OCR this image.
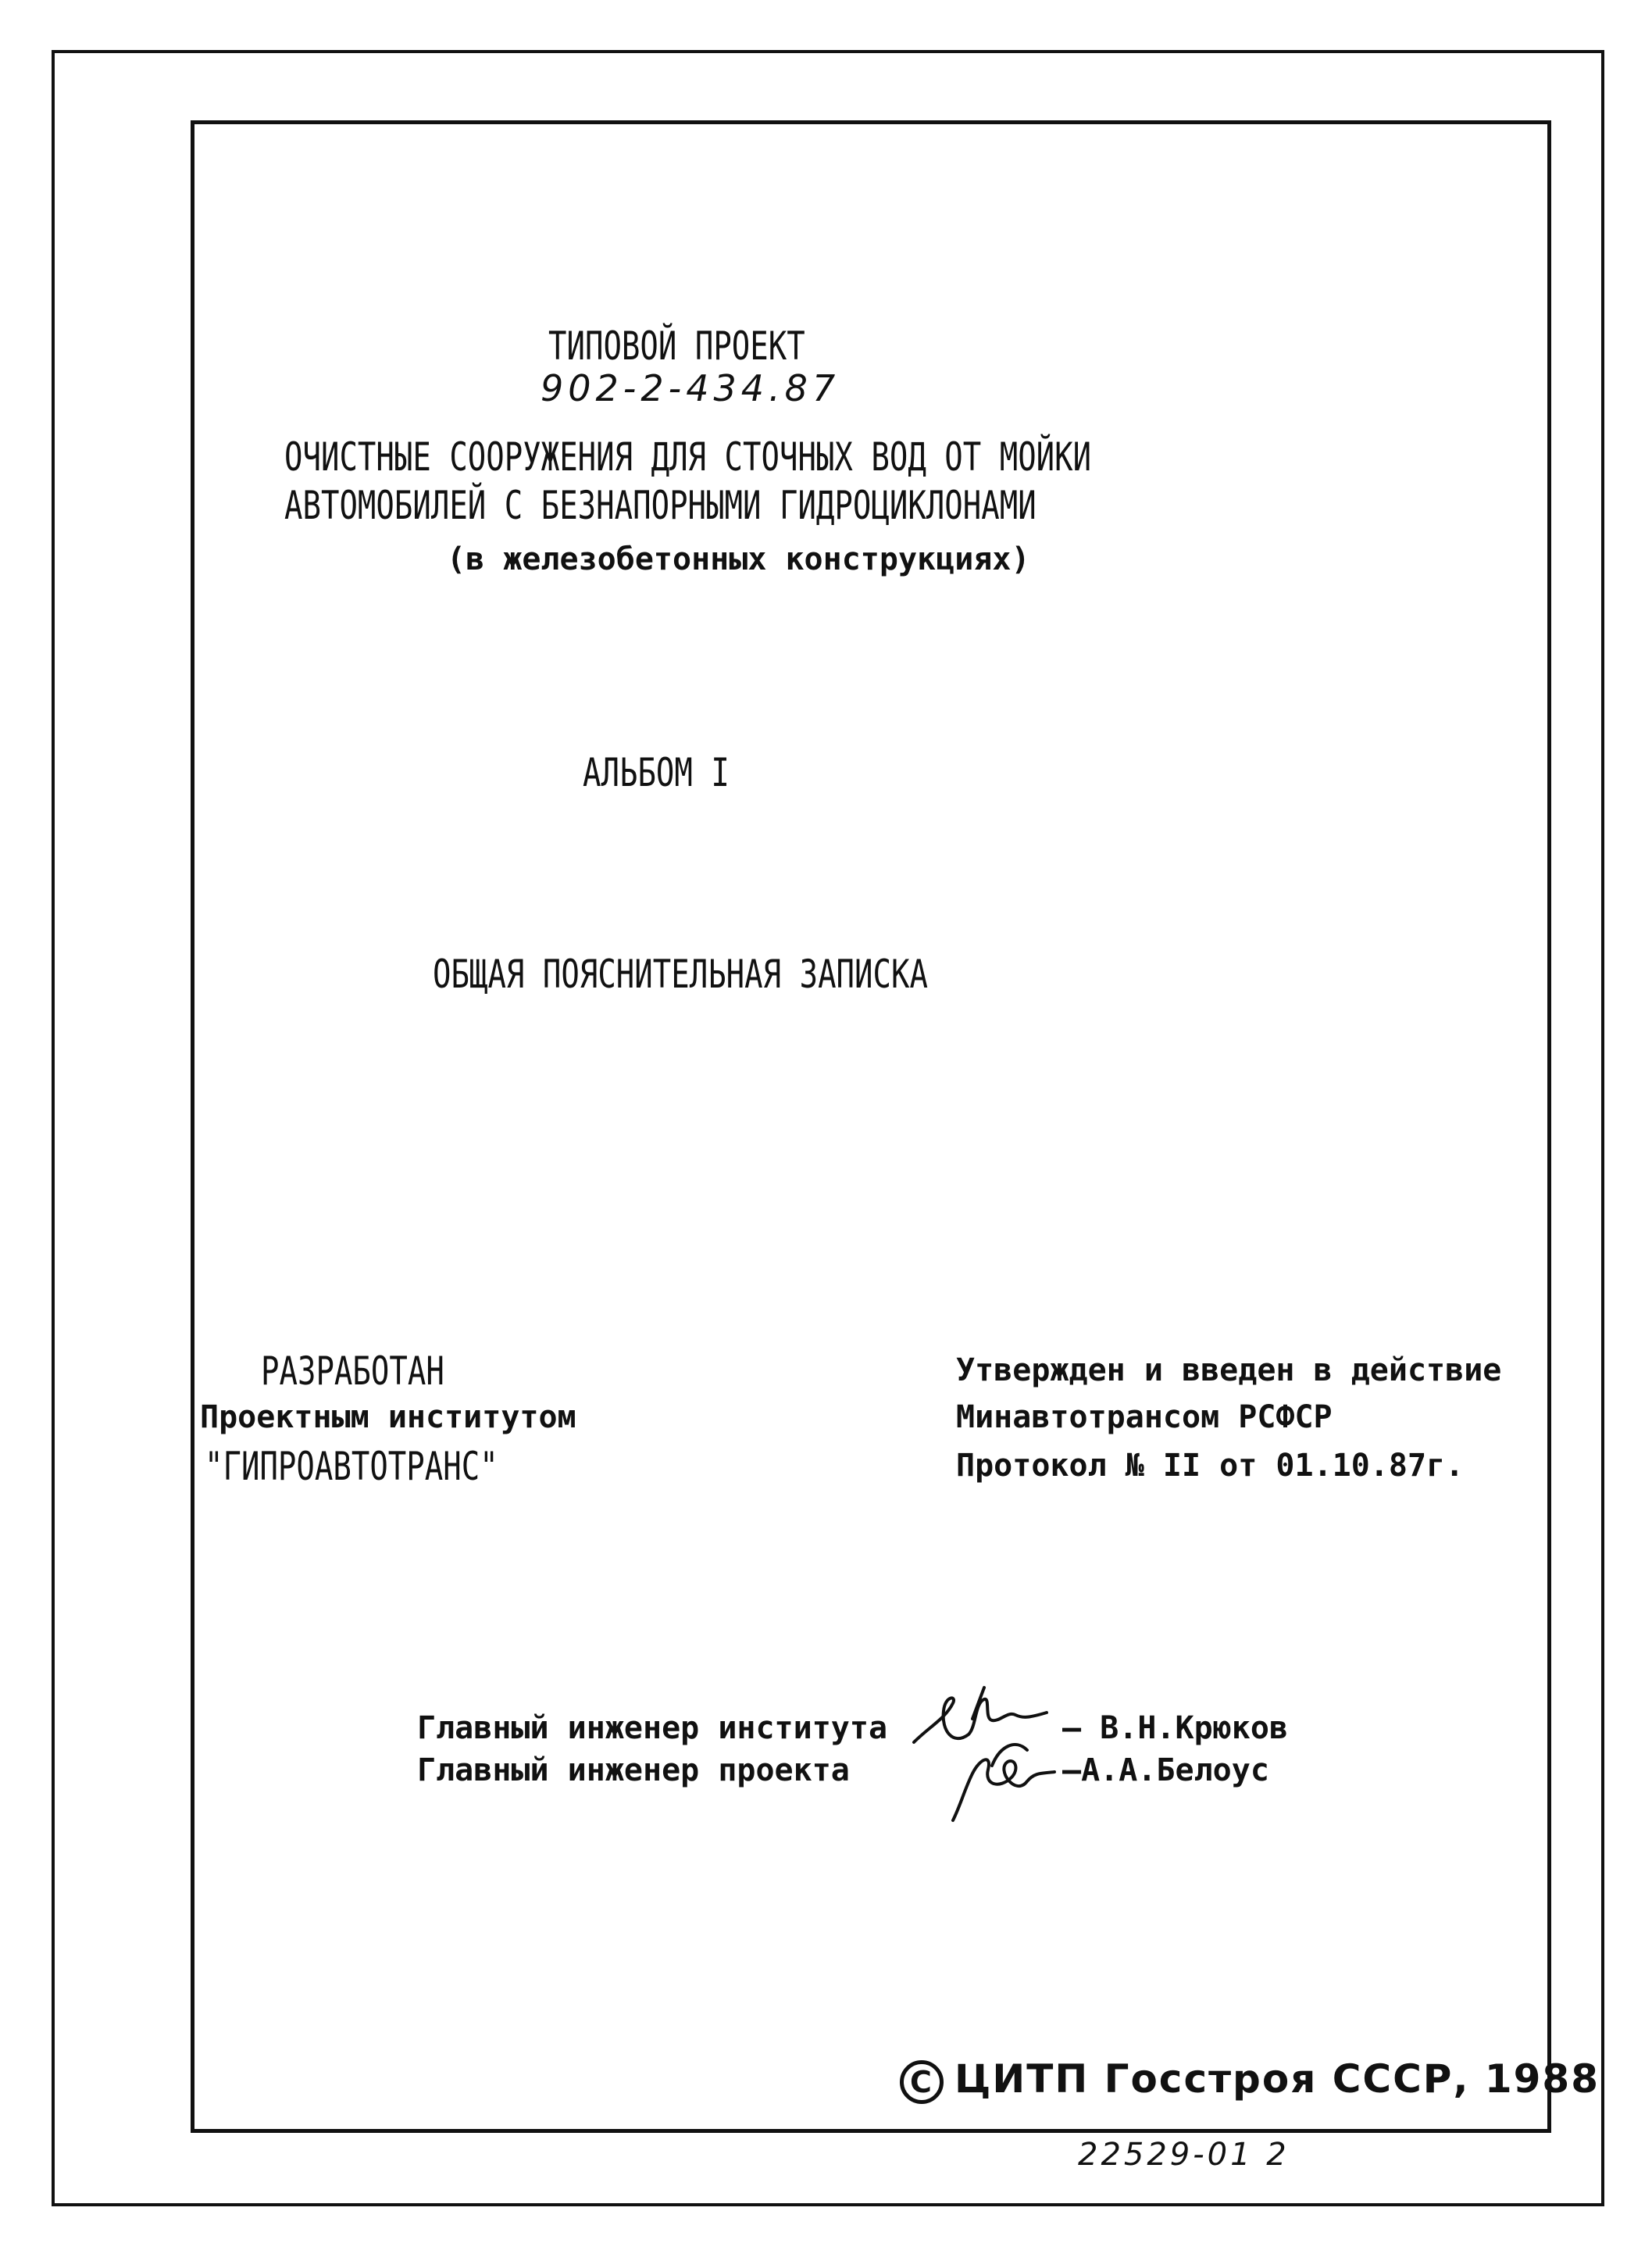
ТИПОВОЙ ПРОЕКТ
902-2-434.87
ОЧИСТНЫЕ СООРУЖЕНИЯ ДЛЯ СТОЧНЫХ ВОД ОТ МОЙКИ
АВТОМОБИЛЕЙ С БЕЗНАПОРНЫМИ ГИДРОЦИКЛОНАМИ
(в железобетонных конструкциях)
АЛЬБОМ I
ОБЩАЯ ПОЯСНИТЕЛЬНАЯ ЗАПИСКА
РАЗРАБОТАН
Проектным институтом
"ГИПРОАВТОТРАНС"
Утвержден и введен в действие
Минавтотрансом РСФСР
Протокол № II от 01.10.87г.
Главный инженер института
Главный инженер проекта
— В.Н.Крюков
—А.А.Белоус
C ЦИТП Госстроя СССР, 1988
22529-01 2
